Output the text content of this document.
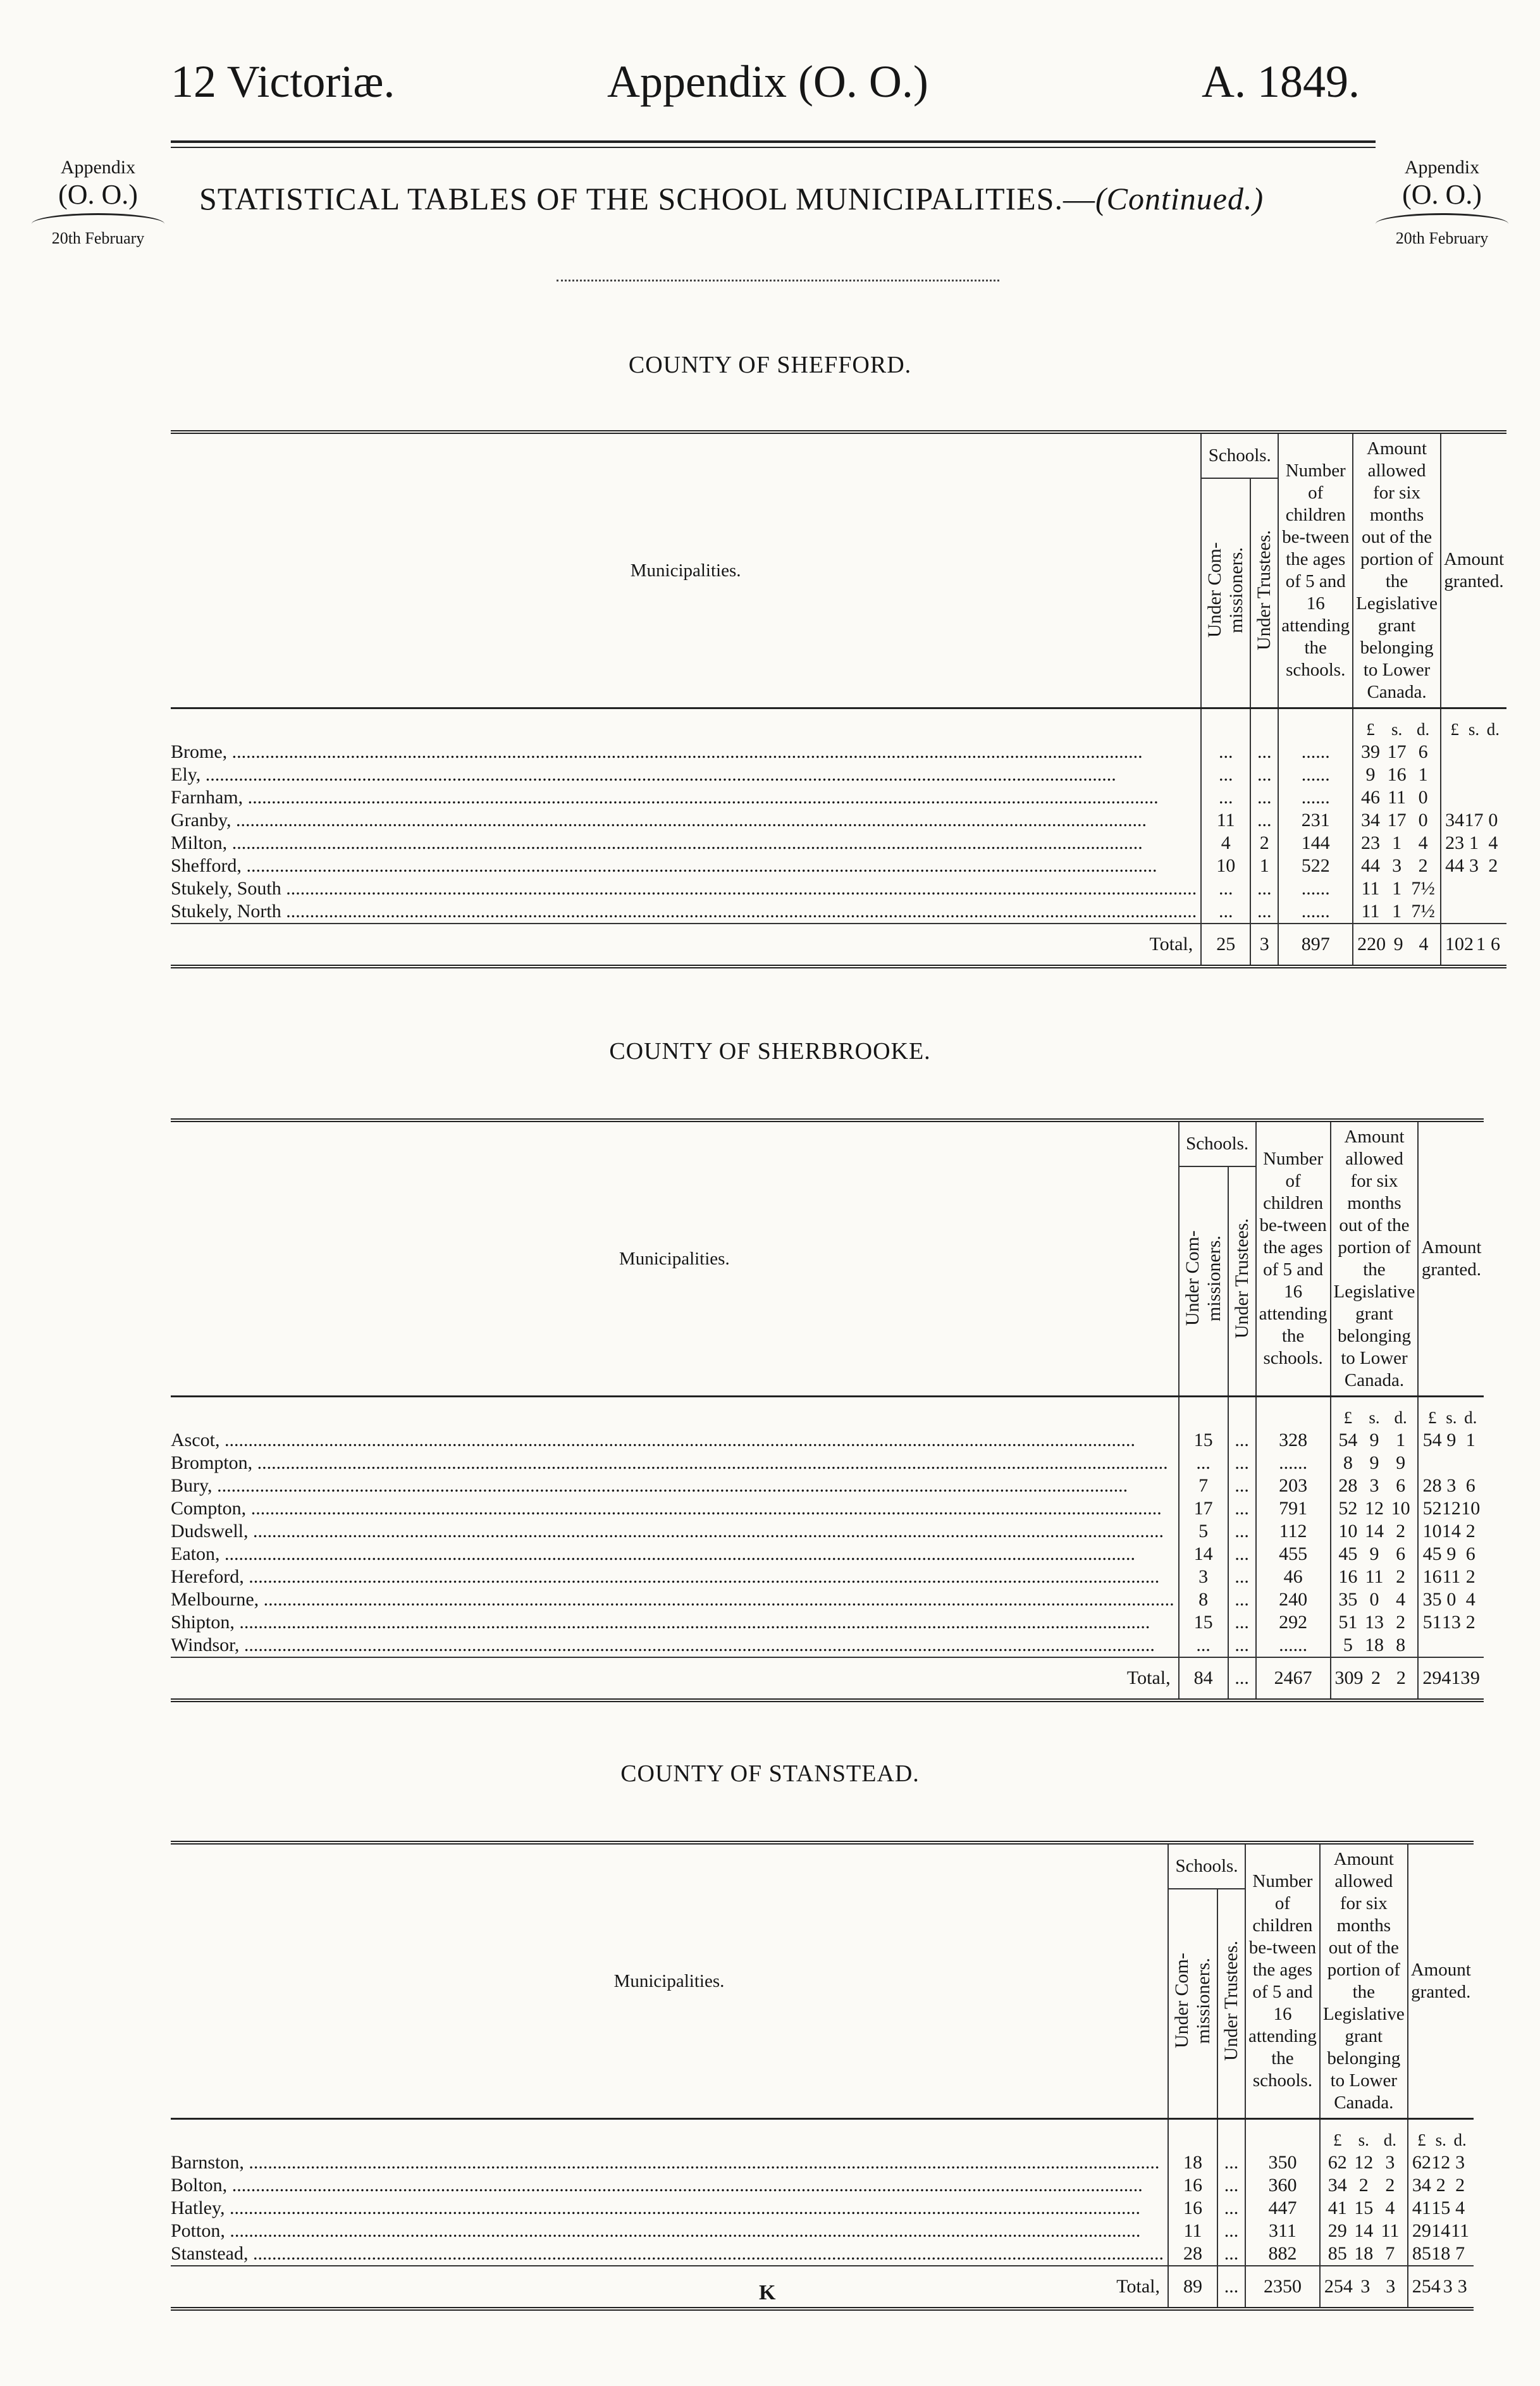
12 Victoriæ.	Appendix (O. O.)	A. 1849.
Appendix
(O. O.)
20th February
Appendix
(O. O.)
20th February
STATISTICAL TABLES OF THE SCHOOL MUNICIPALITIES.—(Continued.)
COUNTY OF SHEFFORD.
Municipalities.	Schools.		Number of children be-tween the ages of 5 and 16 attending the schools.	Amount allowed for six months out of the portion of the Legislative grant belonging to Lower Canada.	Amount granted.
	Under Com-missioners.	Under Trustees.			

				£ s. d.	£ s. d.

Brome, .....	...	...	......	39 17 6	

Ely, .....	...	...	......	9 16 1	

Farnham, .....	...	...	......	46 11 0	

Granby, .....	11	...	231	34 17 0	34 17 0

Milton, .....	4	2	144	23 1 4	23 1 4

Shefford, .....	10	1	522	44 3 2	44 3 2

Stukely, South .....	...	...	......	11 1 7½	

Stukely, North .....	...	...	......	11 1 7½	

Total,	25	3	897	220 9 4	102 1 6
COUNTY OF SHERBROOKE.
Municipalities.	Schools.		Number of children be-tween the ages of 5 and 16 attending the schools.	Amount allowed for six months out of the portion of the Legislative grant belonging to Lower Canada.	Amount granted.
	Under Com-missioners.	Under Trustees.			

				£ s. d.	£ s. d.

Ascot, .....	15	...	328	54 9 1	54 9 1

Brompton, .....	...	...	......	8 9 9	

Bury, .....	7	...	203	28 3 6	28 3 6

Compton, .....	17	...	791	52 12 10	52 12 10

Dudswell, .....	5	...	112	10 14 2	10 14 2

Eaton, .....	14	...	455	45 9 6	45 9 6

Hereford, .....	3	...	46	16 11 2	16 11 2

Melbourne, .....	8	...	240	35 0 4	35 0 4

Shipton, .....	15	...	292	51 13 2	51 13 2

Windsor, .....	...	...	......	5 18 8	

Total,	84	...	2467	309 2 2	294 13 9
COUNTY OF STANSTEAD.
Municipalities.	Schools.		Number of children be-tween the ages of 5 and 16 attending the schools.	Amount allowed for six months out of the portion of the Legislative grant belonging to Lower Canada.	Amount granted.
	Under Com-missioners.	Under Trustees.			

				£ s. d.	£ s. d.

Barnston, .....	18	...	350	62 12 3	62 12 3

Bolton, .....	16	...	360	34 2 2	34 2 2

Hatley, .....	16	...	447	41 15 4	41 15 4

Potton, .....	11	...	311	29 14 11	29 14 11

Stanstead, .....	28	...	882	85 18 7	85 18 7

Total,	89	...	2350	254 3 3	254 3 3
K
